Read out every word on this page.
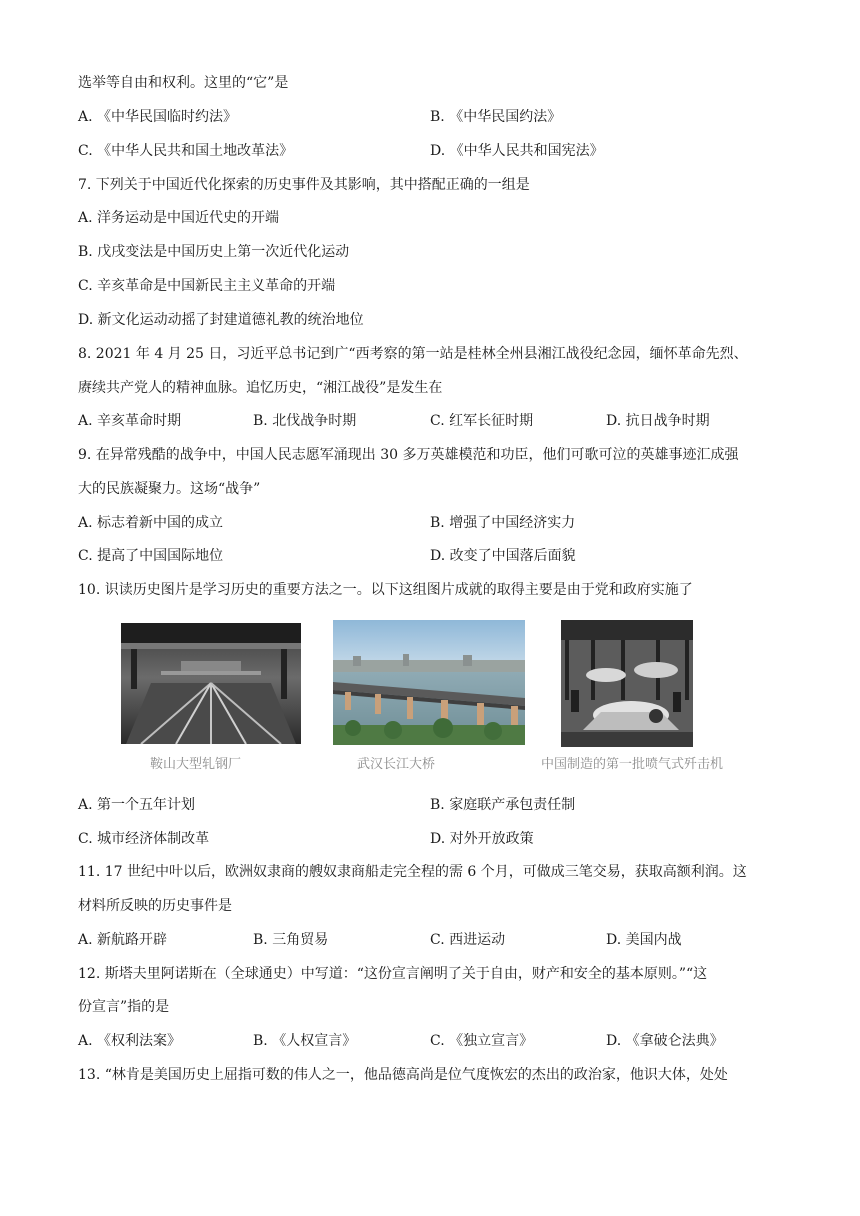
选举等自由和权利。这里的“它”是
A. 《中华民国临时约法》	B. 《中华民国约法》
C. 《中华人民共和国土地改革法》	D. 《中华人民共和国宪法》
7. 下列关于中国近代化探索的历史事件及其影响，其中搭配正确的一组是
A. 洋务运动是中国近代史的开端
B. 戊戌变法是中国历史上第一次近代化运动
C. 辛亥革命是中国新民主主义革命的开端
D. 新文化运动动摇了封建道德礼教的统治地位
8. 2021 年 4 月 25 日，习近平总书记到广“西考察的第一站是桂林全州县湘江战役纪念园，缅怀革命先烈、
赓续共产党人的精神血脉。追忆历史，“湘江战役”是发生在
A. 辛亥革命时期	B. 北伐战争时期	C. 红军长征时期	D. 抗日战争时期
9. 在异常残酷的战争中，中国人民志愿军涌现出 30 多万英雄模范和功臣，他们可歌可泣的英雄事迹汇成强
大的民族凝聚力。这场“战争”
A. 标志着新中国的成立	B. 增强了中国经济实力
C. 提高了中国国际地位	D. 改变了中国落后面貌
10. 识读历史图片是学习历史的重要方法之一。以下这组图片成就的取得主要是由于党和政府实施了
鞍山大型轧钢厂	武汉长江大桥	中国制造的第一批喷气式歼击机
A. 第一个五年计划	B. 家庭联产承包责任制
C. 城市经济体制改革	D. 对外开放政策
11. 17 世纪中叶以后，欧洲奴隶商的艘奴隶商船走完全程的需 6 个月，可做成三笔交易，获取高额利润。这
材料所反映的历史事件是
A. 新航路开辟	B. 三角贸易	C. 西进运动	D. 美国内战
12. 斯塔夫里阿诺斯在（全球通史）中写道：“这份宣言阐明了关于自由，财产和安全的基本原则。”“这
份宣言”指的是
A. 《权利法案》	B. 《人权宣言》	C. 《独立宣言》	D. 《拿破仑法典》
13. “林肯是美国历史上屈指可数的伟人之一，他品德高尚是位气度恢宏的杰出的政治家，他识大体，处处
